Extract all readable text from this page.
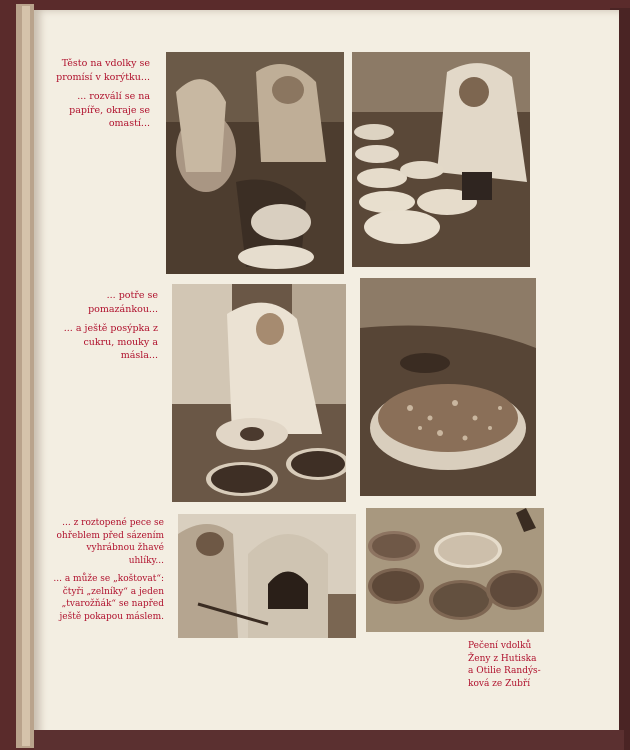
Těsto na vdolky se promísí v korýtku...

... rozválí se na papíře, okraje se omastí...

... potře se pomazánkou...

... a ještě posýpka z cukru, mouky a másla...

... z roztopené pece se ohřeblem před sázením vyhrábnou žhavé uhlíky...

... a může se „koštovat“: čtyři „zelníky“ a jeden „tvarožňák“ se napřed ještě pokapou máslem.

Pečení vdolků
Ženy z Hutiska
a Otilie Randýs-
ková ze Zubří
